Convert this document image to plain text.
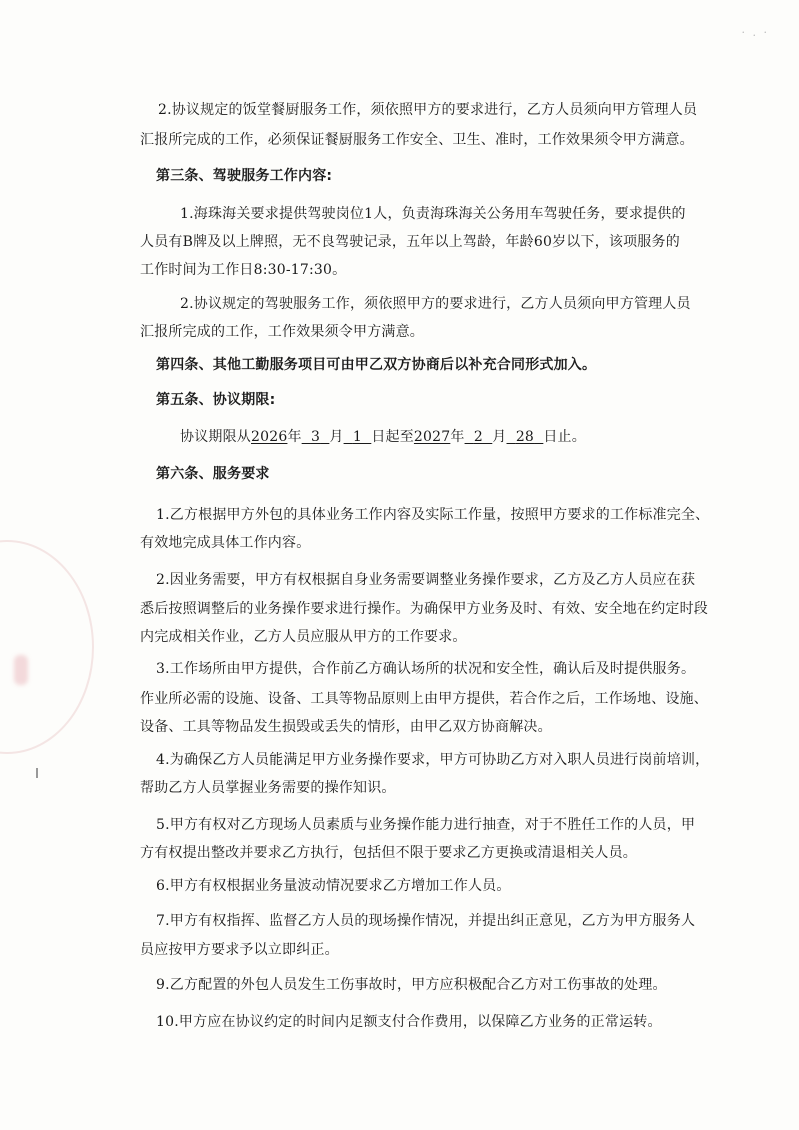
· . ·
2.协议规定的饭堂餐厨服务工作，须依照甲方的要求进行，乙方人员须向甲方管理人员
汇报所完成的工作，必须保证餐厨服务工作安全、卫生、准时，工作效果须令甲方满意。
第三条、驾驶服务工作内容:
1.海珠海关要求提供驾驶岗位1人，负责海珠海关公务用车驾驶任务，要求提供的
人员有B牌及以上牌照，无不良驾驶记录，五年以上驾龄，年龄60岁以下，该项服务的
工作时间为工作日8:30-17:30。
2.协议规定的驾驶服务工作，须依照甲方的要求进行，乙方人员须向甲方管理人员
汇报所完成的工作，工作效果须令甲方满意。
第四条、其他工勤服务项目可由甲乙双方协商后以补充合同形式加入。
第五条、协议期限:
协议期限从2026年 3 月 1 日起至2027年 2 月 28 日止。
第六条、服务要求
1.乙方根据甲方外包的具体业务工作内容及实际工作量，按照甲方要求的工作标准完全、
有效地完成具体工作内容。
2.因业务需要，甲方有权根据自身业务需要调整业务操作要求，乙方及乙方人员应在获
悉后按照调整后的业务操作要求进行操作。为确保甲方业务及时、有效、安全地在约定时段
内完成相关作业，乙方人员应服从甲方的工作要求。
3.工作场所由甲方提供，合作前乙方确认场所的状况和安全性，确认后及时提供服务。
作业所必需的设施、设备、工具等物品原则上由甲方提供，若合作之后，工作场地、设施、
设备、工具等物品发生损毁或丢失的情形，由甲乙双方协商解决。
4.为确保乙方人员能满足甲方业务操作要求，甲方可协助乙方对入职人员进行岗前培训，
帮助乙方人员掌握业务需要的操作知识。
5.甲方有权对乙方现场人员素质与业务操作能力进行抽查，对于不胜任工作的人员，甲
方有权提出整改并要求乙方执行，包括但不限于要求乙方更换或清退相关人员。
6.甲方有权根据业务量波动情况要求乙方增加工作人员。
7.甲方有权指挥、监督乙方人员的现场操作情况，并提出纠正意见，乙方为甲方服务人
员应按甲方要求予以立即纠正。
9.乙方配置的外包人员发生工伤事故时，甲方应积极配合乙方对工伤事故的处理。
10.甲方应在协议约定的时间内足额支付合作费用，以保障乙方业务的正常运转。
